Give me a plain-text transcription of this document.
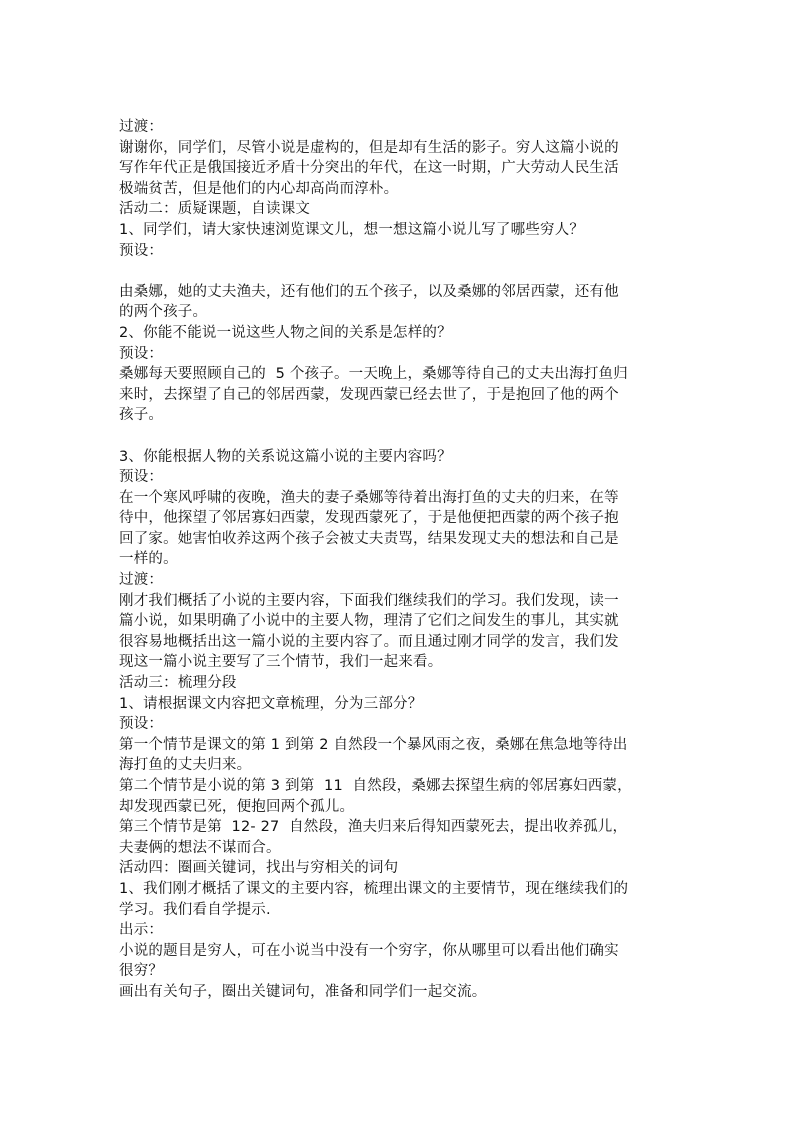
过渡：
谢谢你，同学们，尽管小说是虚构的，但是却有生活的影子。穷人这篇小说的
写作年代正是俄国接近矛盾十分突出的年代，在这一时期，广大劳动人民生活
极端贫苦，但是他们的内心却高尚而淳朴。
活动二：质疑课题，自读课文
1、同学们，请大家快速浏览课文儿，想一想这篇小说儿写了哪些穷人？
预设：
由桑娜，她的丈夫渔夫，还有他们的五个孩子，以及桑娜的邻居西蒙，还有他
的两个孩子。
2、你能不能说一说这些人物之间的关系是怎样的？
预设：
桑娜每天要照顾自己的  5 个孩子。一天晚上，桑娜等待自己的丈夫出海打鱼归
来时，去探望了自己的邻居西蒙，发现西蒙已经去世了，于是抱回了他的两个
孩子。
3、你能根据人物的关系说这篇小说的主要内容吗？
预设：
在一个寒风呼啸的夜晚，渔夫的妻子桑娜等待着出海打鱼的丈夫的归来，在等
待中，他探望了邻居寡妇西蒙，发现西蒙死了，于是他便把西蒙的两个孩子抱
回了家。她害怕收养这两个孩子会被丈夫责骂，结果发现丈夫的想法和自己是
一样的。
过渡：
刚才我们概括了小说的主要内容，下面我们继续我们的学习。我们发现，读一
篇小说，如果明确了小说中的主要人物，理清了它们之间发生的事儿，其实就
很容易地概括出这一篇小说的主要内容了。而且通过刚才同学的发言，我们发
现这一篇小说主要写了三个情节，我们一起来看。
活动三：梳理分段
1、请根据课文内容把文章梳理，分为三部分？
预设：
第一个情节是课文的第 1 到第 2 自然段一个暴风雨之夜，桑娜在焦急地等待出
海打鱼的丈夫归来。
第二个情节是小说的第 3 到第  11  自然段，桑娜去探望生病的邻居寡妇西蒙，
却发现西蒙已死，便抱回两个孤儿。
第三个情节是第  12- 27  自然段，渔夫归来后得知西蒙死去，提出收养孤儿，
夫妻俩的想法不谋而合。
活动四：圈画关键词，找出与穷相关的词句
1、我们刚才概括了课文的主要内容，梳理出课文的主要情节，现在继续我们的
学习。我们看自学提示.
出示：
小说的题目是穷人，可在小说当中没有一个穷字，你从哪里可以看出他们确实
很穷？
画出有关句子，圈出关键词句，准备和同学们一起交流。
